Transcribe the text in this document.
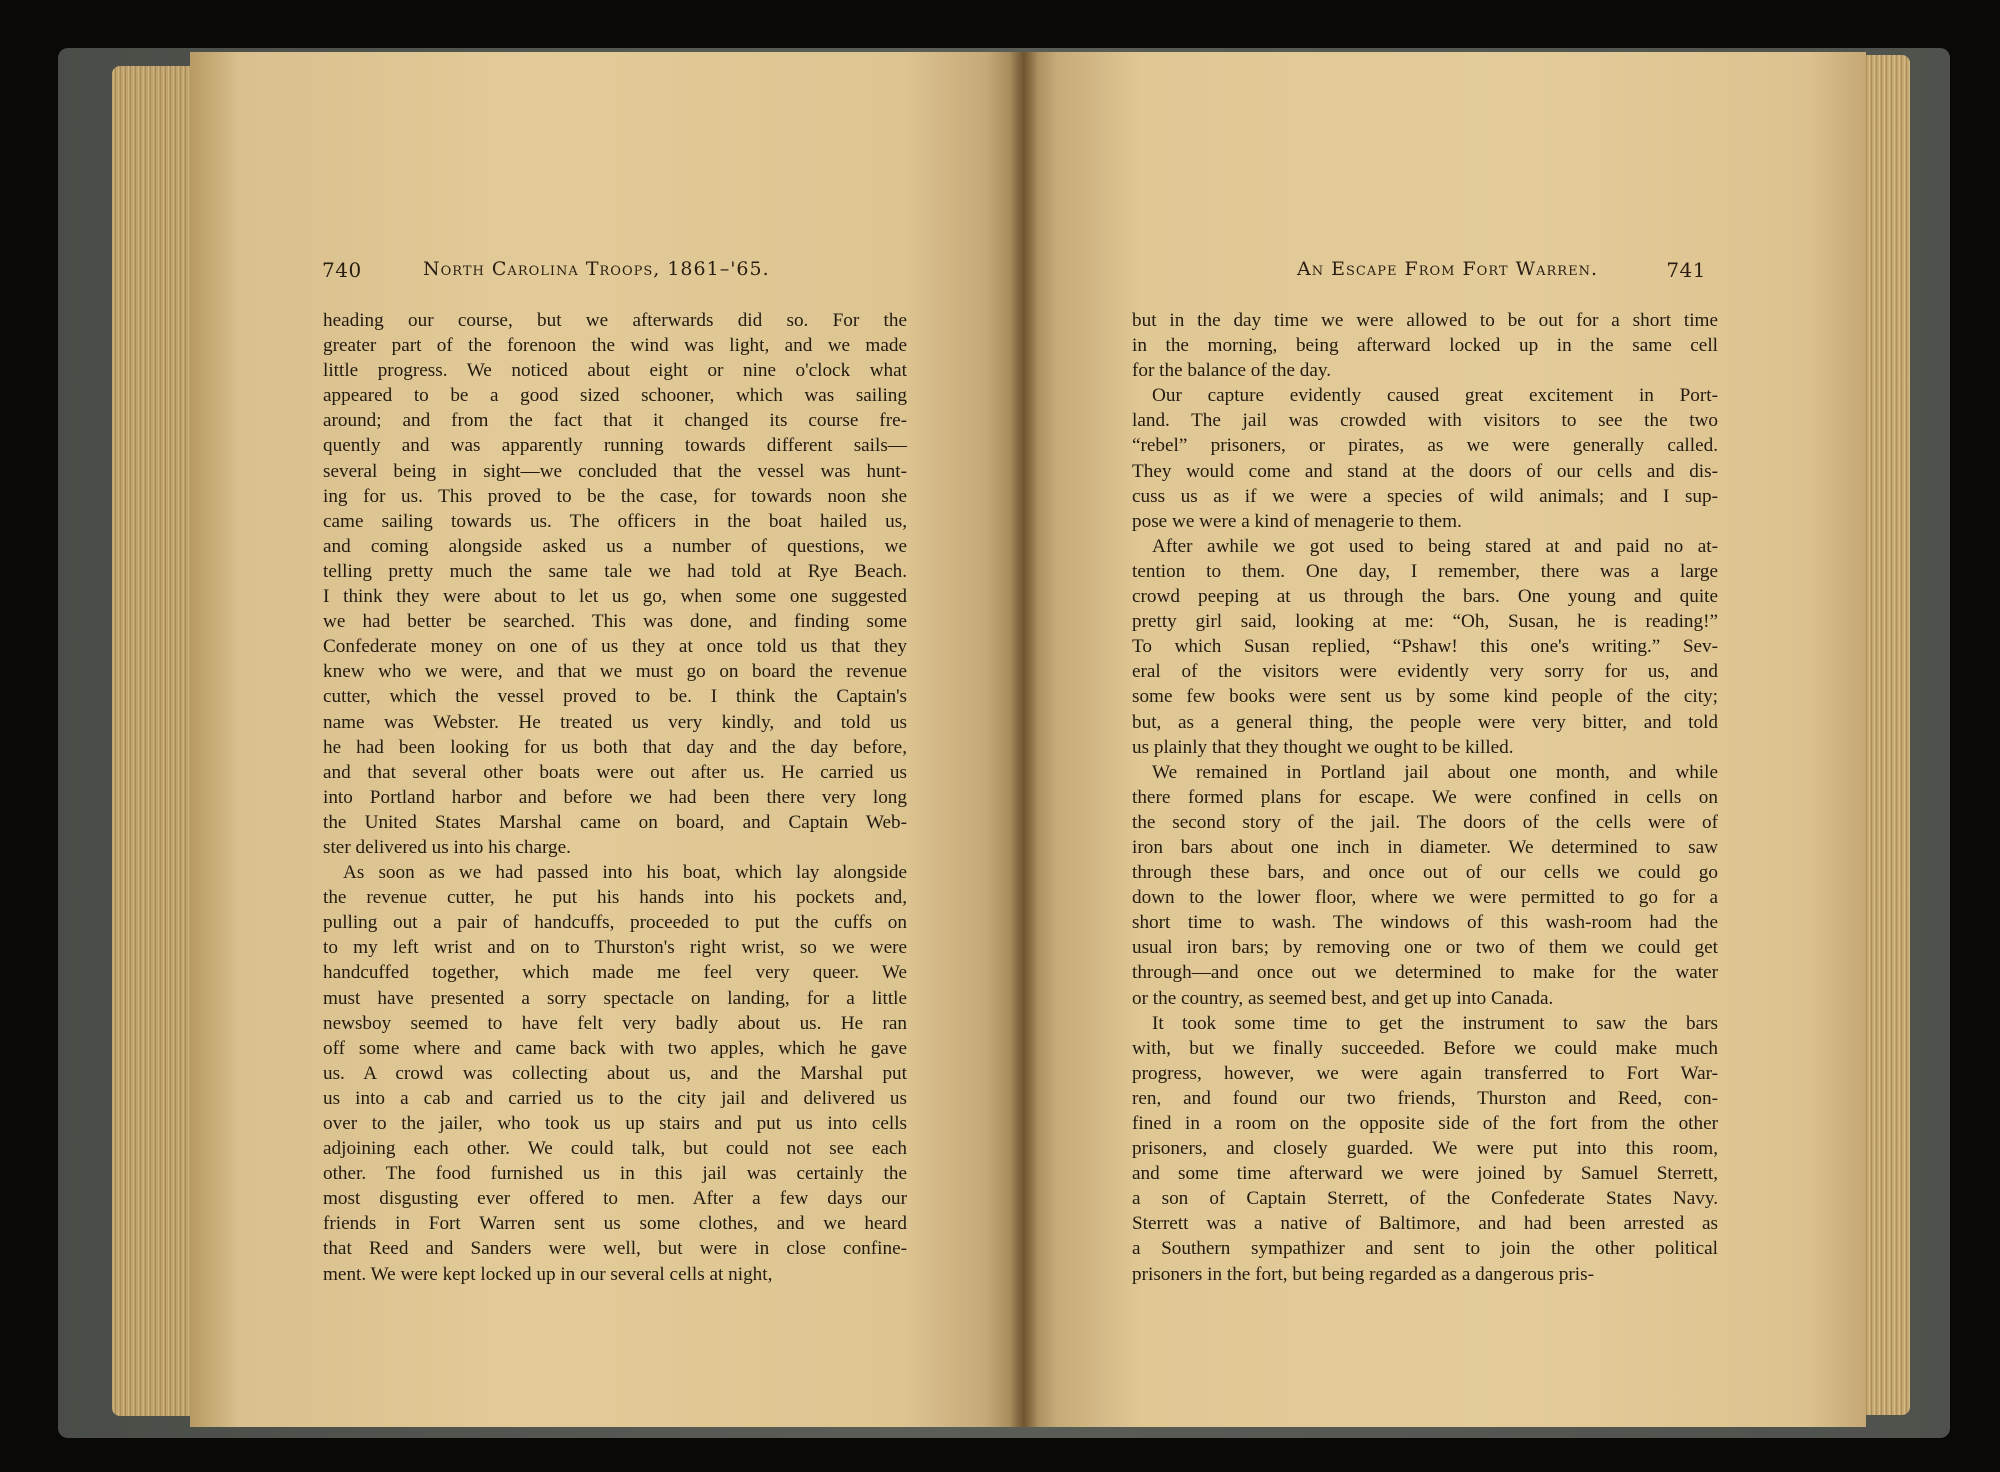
740	North Carolina Troops, 1861–'65.
heading our course, but we afterwards did so. For the
greater part of the forenoon the wind was light, and we made
little progress. We noticed about eight or nine o'clock what
appeared to be a good sized schooner, which was sailing
around; and from the fact that it changed its course fre-
quently and was apparently running towards different sails—
several being in sight—we concluded that the vessel was hunt-
ing for us. This proved to be the case, for towards noon she
came sailing towards us. The officers in the boat hailed us,
and coming alongside asked us a number of questions, we
telling pretty much the same tale we had told at Rye Beach.
I think they were about to let us go, when some one suggested
we had better be searched. This was done, and finding some
Confederate money on one of us they at once told us that they
knew who we were, and that we must go on board the revenue
cutter, which the vessel proved to be. I think the Captain's
name was Webster. He treated us very kindly, and told us
he had been looking for us both that day and the day before,
and that several other boats were out after us. He carried us
into Portland harbor and before we had been there very long
the United States Marshal came on board, and Captain Web-
ster delivered us into his charge.
As soon as we had passed into his boat, which lay alongside
the revenue cutter, he put his hands into his pockets and,
pulling out a pair of handcuffs, proceeded to put the cuffs on
to my left wrist and on to Thurston's right wrist, so we were
handcuffed together, which made me feel very queer. We
must have presented a sorry spectacle on landing, for a little
newsboy seemed to have felt very badly about us. He ran
off some where and came back with two apples, which he gave
us. A crowd was collecting about us, and the Marshal put
us into a cab and carried us to the city jail and delivered us
over to the jailer, who took us up stairs and put us into cells
adjoining each other. We could talk, but could not see each
other. The food furnished us in this jail was certainly the
most disgusting ever offered to men. After a few days our
friends in Fort Warren sent us some clothes, and we heard
that Reed and Sanders were well, but were in close confine-
ment. We were kept locked up in our several cells at night,
An Escape From Fort Warren.	741
but in the day time we were allowed to be out for a short time
in the morning, being afterward locked up in the same cell
for the balance of the day.
Our capture evidently caused great excitement in Port-
land. The jail was crowded with visitors to see the two
“rebel” prisoners, or pirates, as we were generally called.
They would come and stand at the doors of our cells and dis-
cuss us as if we were a species of wild animals; and I sup-
pose we were a kind of menagerie to them.
After awhile we got used to being stared at and paid no at-
tention to them. One day, I remember, there was a large
crowd peeping at us through the bars. One young and quite
pretty girl said, looking at me: “Oh, Susan, he is reading!”
To which Susan replied, “Pshaw! this one's writing.” Sev-
eral of the visitors were evidently very sorry for us, and
some few books were sent us by some kind people of the city;
but, as a general thing, the people were very bitter, and told
us plainly that they thought we ought to be killed.
We remained in Portland jail about one month, and while
there formed plans for escape. We were confined in cells on
the second story of the jail. The doors of the cells were of
iron bars about one inch in diameter. We determined to saw
through these bars, and once out of our cells we could go
down to the lower floor, where we were permitted to go for a
short time to wash. The windows of this wash-room had the
usual iron bars; by removing one or two of them we could get
through—and once out we determined to make for the water
or the country, as seemed best, and get up into Canada.
It took some time to get the instrument to saw the bars
with, but we finally succeeded. Before we could make much
progress, however, we were again transferred to Fort War-
ren, and found our two friends, Thurston and Reed, con-
fined in a room on the opposite side of the fort from the other
prisoners, and closely guarded. We were put into this room,
and some time afterward we were joined by Samuel Sterrett,
a son of Captain Sterrett, of the Confederate States Navy.
Sterrett was a native of Baltimore, and had been arrested as
a Southern sympathizer and sent to join the other political
prisoners in the fort, but being regarded as a dangerous pris-
